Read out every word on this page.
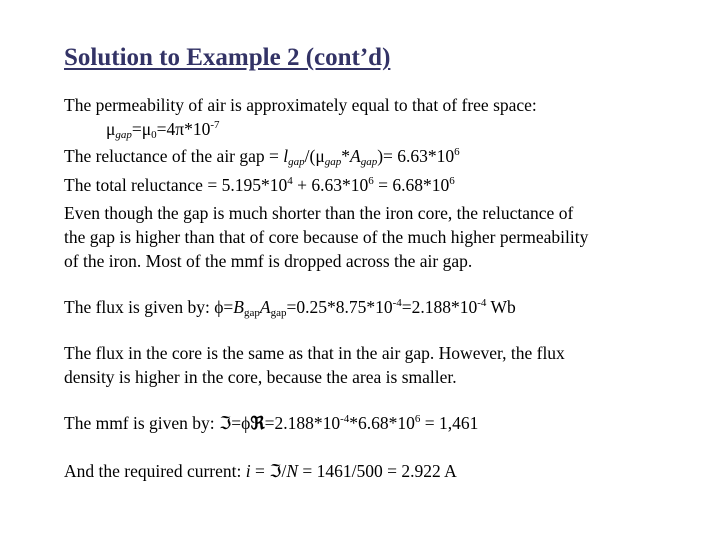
Solution to Example 2 (cont’d)
The permeability of air is approximately equal to that of free space:
$\mu_{gap}=\mu_0=4\pi*10^{-7}$
The reluctance of the air gap = $l_{gap}/(\mu_{gap}*A_{gap})= 6.63*10^6$
The total reluctance = $5.195*10^4 + 6.63*10^6 = 6.68*10^6$
Even though the gap is much shorter than the iron core, the reluctance of
the gap is higher than that of core because of the much higher permeability
of the iron. Most of the mmf is dropped across the air gap.
The flux is given by: $\phi=B_{gap}A_{gap}=0.25*8.75*10^{-4}=2.188*10^{-4}$ Wb
The flux in the core is the same as that in the air gap. However, the flux
density is higher in the core, because the area is smaller.
The mmf is given by: $ℑ=\phi ℜ=2.188*10^{-4}*6.68*10^6 = 1,461$
And the required current: i = ℑ/N = 1461/500 = 2.922 A
